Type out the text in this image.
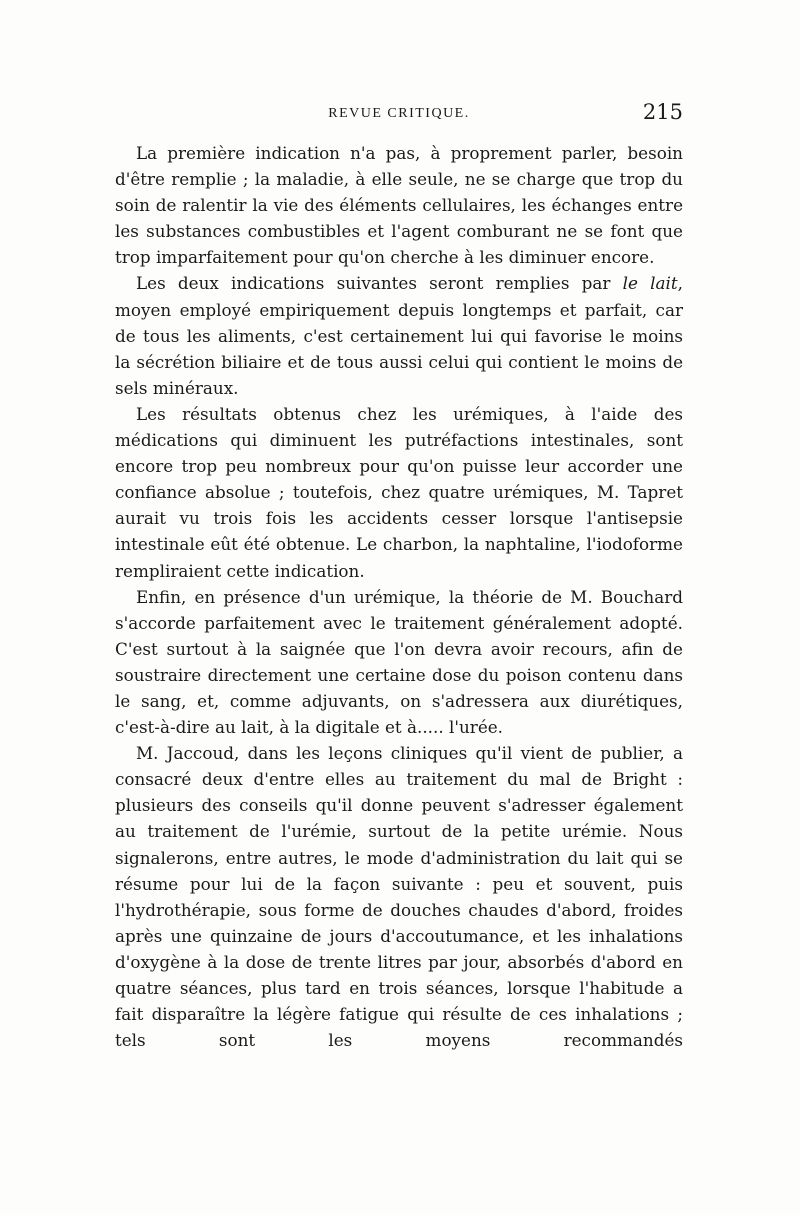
REVUE CRITIQUE.	215

La première indication n'a pas, à proprement parler, besoin d'être remplie ; la maladie, à elle seule, ne se charge que trop du soin de ralentir la vie des éléments cellulaires, les échanges entre les substances combustibles et l'agent comburant ne se font que trop imparfaitement pour qu'on cherche à les diminuer encore.

Les deux indications suivantes seront remplies par le lait, moyen employé empiriquement depuis longtemps et parfait, car de tous les aliments, c'est certainement lui qui favorise le moins la sécrétion biliaire et de tous aussi celui qui contient le moins de sels minéraux.

Les résultats obtenus chez les urémiques, à l'aide des médications qui diminuent les putréfactions intestinales, sont encore trop peu nombreux pour qu'on puisse leur accorder une confiance absolue ; toutefois, chez quatre urémiques, M. Tapret aurait vu trois fois les accidents cesser lorsque l'antisepsie intestinale eût été obtenue. Le charbon, la naphtaline, l'iodoforme rempliraient cette indication.

Enfin, en présence d'un urémique, la théorie de M. Bouchard s'accorde parfaitement avec le traitement généralement adopté. C'est surtout à la saignée que l'on devra avoir recours, afin de soustraire directement une certaine dose du poison contenu dans le sang, et, comme adjuvants, on s'adressera aux diurétiques, c'est-à-dire au lait, à la digitale et à..... l'urée.

M. Jaccoud, dans les leçons cliniques qu'il vient de publier, a consacré deux d'entre elles au traitement du mal de Bright : plusieurs des conseils qu'il donne peuvent s'adresser également au traitement de l'urémie, surtout de la petite urémie. Nous signalerons, entre autres, le mode d'administration du lait qui se résume pour lui de la façon suivante : peu et souvent, puis l'hydrothérapie, sous forme de douches chaudes d'abord, froides après une quinzaine de jours d'accoutumance, et les inhalations d'oxygène à la dose de trente litres par jour, absorbés d'abord en quatre séances, plus tard en trois séances, lorsque l'habitude a fait disparaître la légère fatigue qui résulte de ces inhalations ; tels sont les moyens recommandés
